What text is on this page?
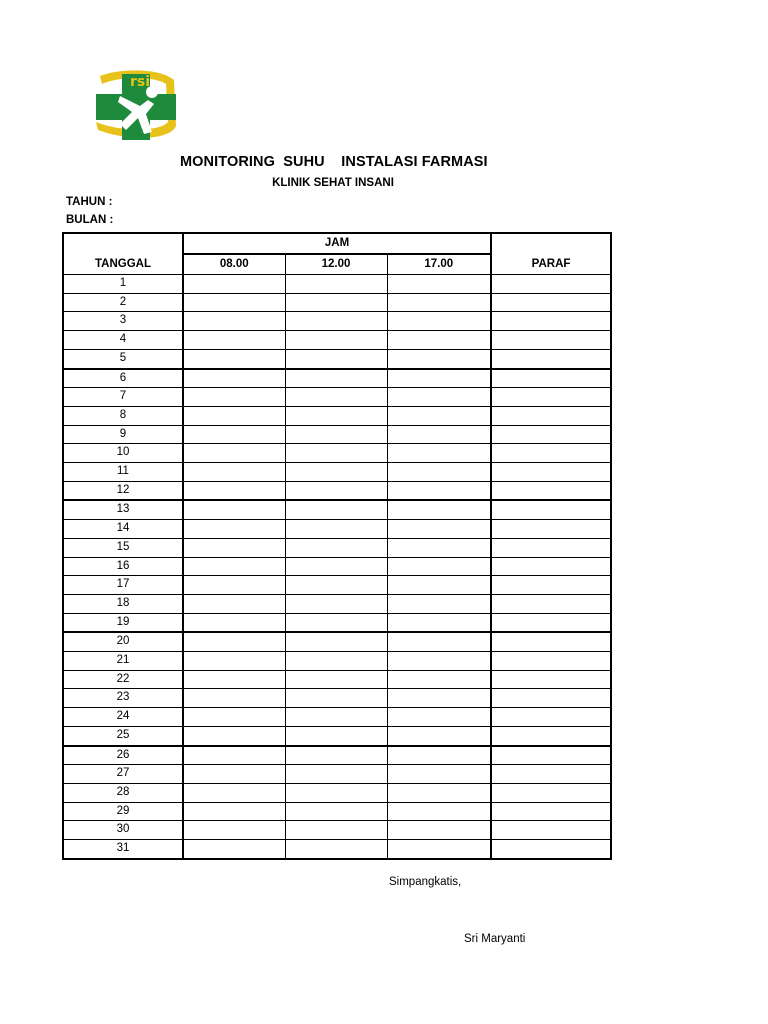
rsi
MONITORING  SUHU    INSTALASI FARMASI
KLINIK SEHAT INSANI
TAHUN :
BULAN :
TANGGAL	JAM			PARAF
	08.00	12.00	17.00	
1				
2				
3				
4				
5				
6				
7				
8				
9				
10				
11				
12				
13				
14				
15				
16				
17				
18				
19				
20				
21				
22				
23				
24				
25				
26				
27				
28				
29				
30				
31				
Simpangkatis,
Sri Maryanti
